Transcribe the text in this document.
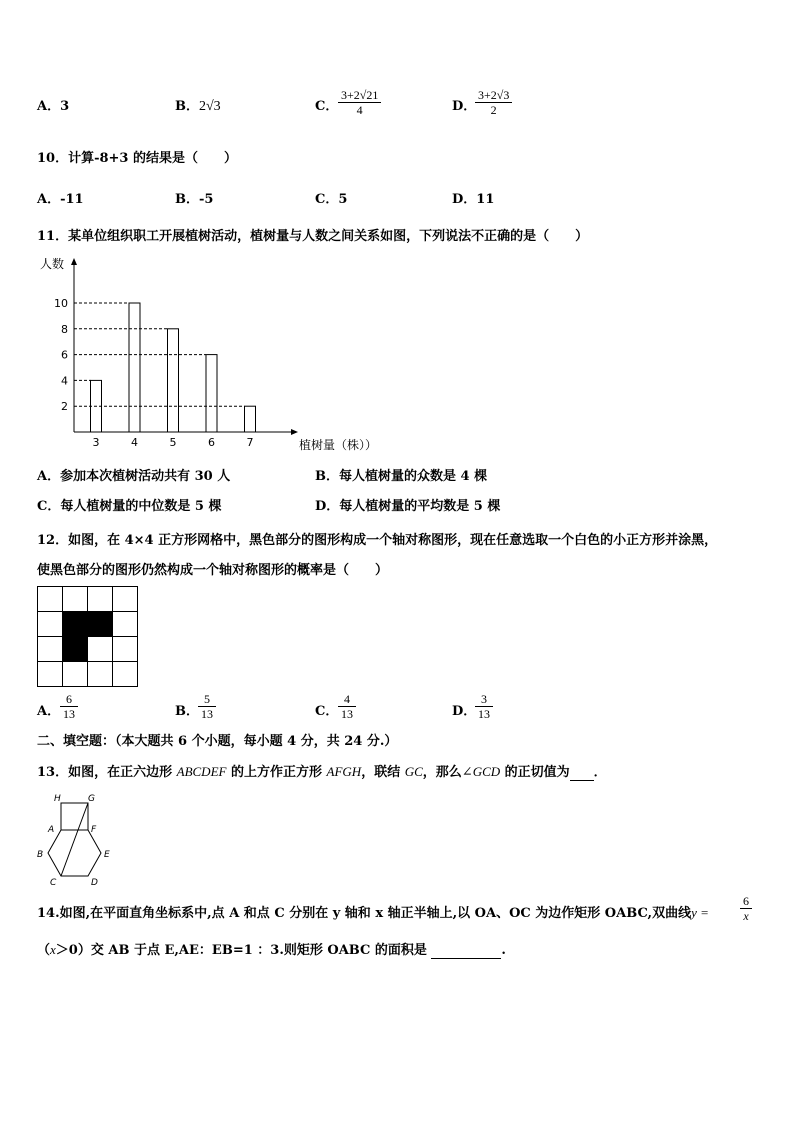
A．3	B．2√3	C．
3+2√21
4	D．
3+2√3
2
10．计算-8+3 的结果是（　　）
A．-11	B．-5	C．5	D．11
11．某单位组织职工开展植树活动，植树量与人数之间关系如图，下列说法不正确的是（　　）
3	4	5	6	7
2
4
6
8
10
人数
植树量（株））
A．参加本次植树活动共有 30 人	B．每人植树量的众数是 4 棵
C．每人植树量的中位数是 5 棵	D．每人植树量的平均数是 5 棵
12．如图，在 4×4 正方形网格中，黑色部分的图形构成一个轴对称图形，现在任意选取一个白色的小正方形并涂黑，
使黑色部分的图形仍然构成一个轴对称图形的概率是（　　）
A．
6
13	B．
5
13	C．
4
13	D．
3
13
二、填空题：（本大题共 6 个小题，每小题 4 分，共 24 分.）
13．如图，在正六边形 ABCDEF 的上方作正方形 AFGH，联结 GC，那么∠GCD 的正切值为 ．
H	G
A	F
B	E
C	D
14.如图,在平面直角坐标系中,点 A 和点 C 分别在 y 轴和 x 轴正半轴上,以 OA、OC 为边作矩形 OABC,双曲线y =
6
x
（x＞0）交 AB 于点 E,AE：EB=1 ：3.则矩形 OABC 的面积是	.
